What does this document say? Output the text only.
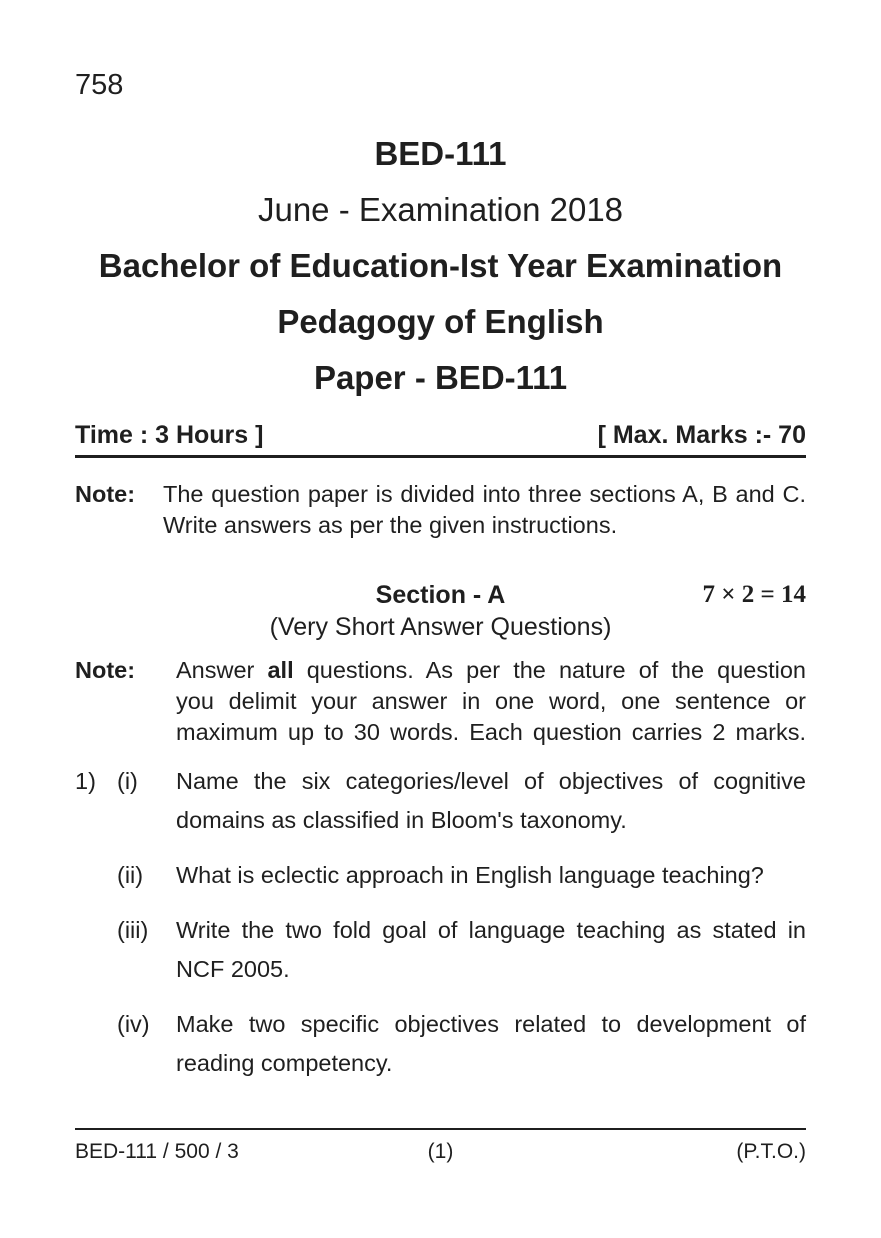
758
BED-111
June - Examination 2018
Bachelor of Education-Ist Year Examination
Pedagogy of English
Paper - BED-111
Time : 3 Hours ]	[ Max. Marks :- 70
Note:	The question paper is divided into three sections A, B and C.
Write answers as per the given instructions.
Section - A	7 × 2 = 14
(Very Short Answer Questions)
Note:	Answer all questions. As per the nature of the question
you delimit your answer in one word, one sentence or
maximum up to 30 words. Each question carries 2 marks.
1) (i)	Name the six categories/level of objectives of cognitive
domains as classified in Bloom's taxonomy.
(ii)	What is eclectic approach in English language teaching?
(iii)	Write the two fold goal of language teaching as stated in
NCF 2005.
(iv)	Make two specific objectives related to development of
reading competency.
BED-111 / 500 / 3	(1)	(P.T.O.)
